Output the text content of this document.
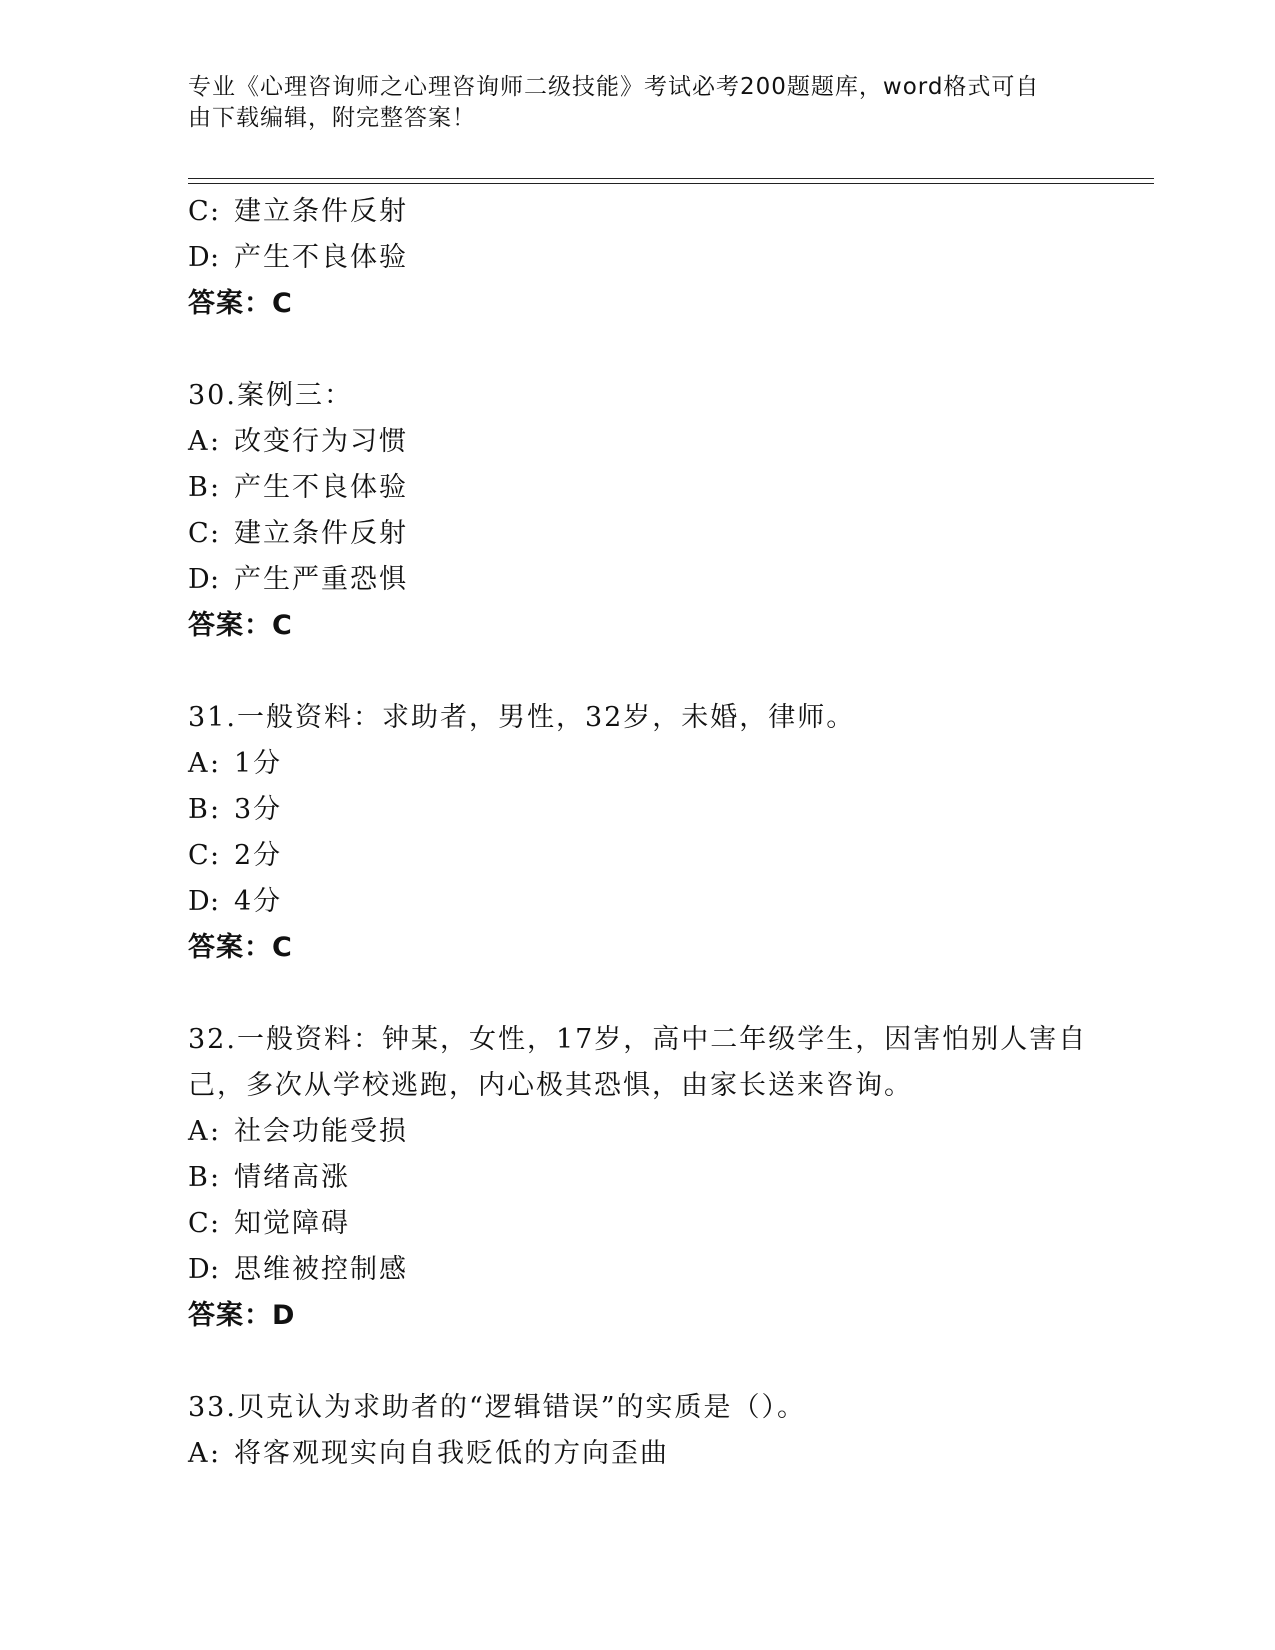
专业《心理咨询师之心理咨询师二级技能》考试必考200题题库，word格式可自
由下载编辑，附完整答案！
C: 建立条件反射
D: 产生不良体验
答案：C
30.案例三：
A: 改变行为习惯
B: 产生不良体验
C: 建立条件反射
D: 产生严重恐惧
答案：C
31.一般资料：求助者，男性，32岁，未婚，律师。
A: 1分
B: 3分
C: 2分
D: 4分
答案：C
32.一般资料：钟某，女性，17岁，高中二年级学生，因害怕别人害自
己，多次从学校逃跑，内心极其恐惧，由家长送来咨询。
A: 社会功能受损
B: 情绪高涨
C: 知觉障碍
D: 思维被控制感
答案：D
33.贝克认为求助者的“逻辑错误”的实质是（）。
A: 将客观现实向自我贬低的方向歪曲
